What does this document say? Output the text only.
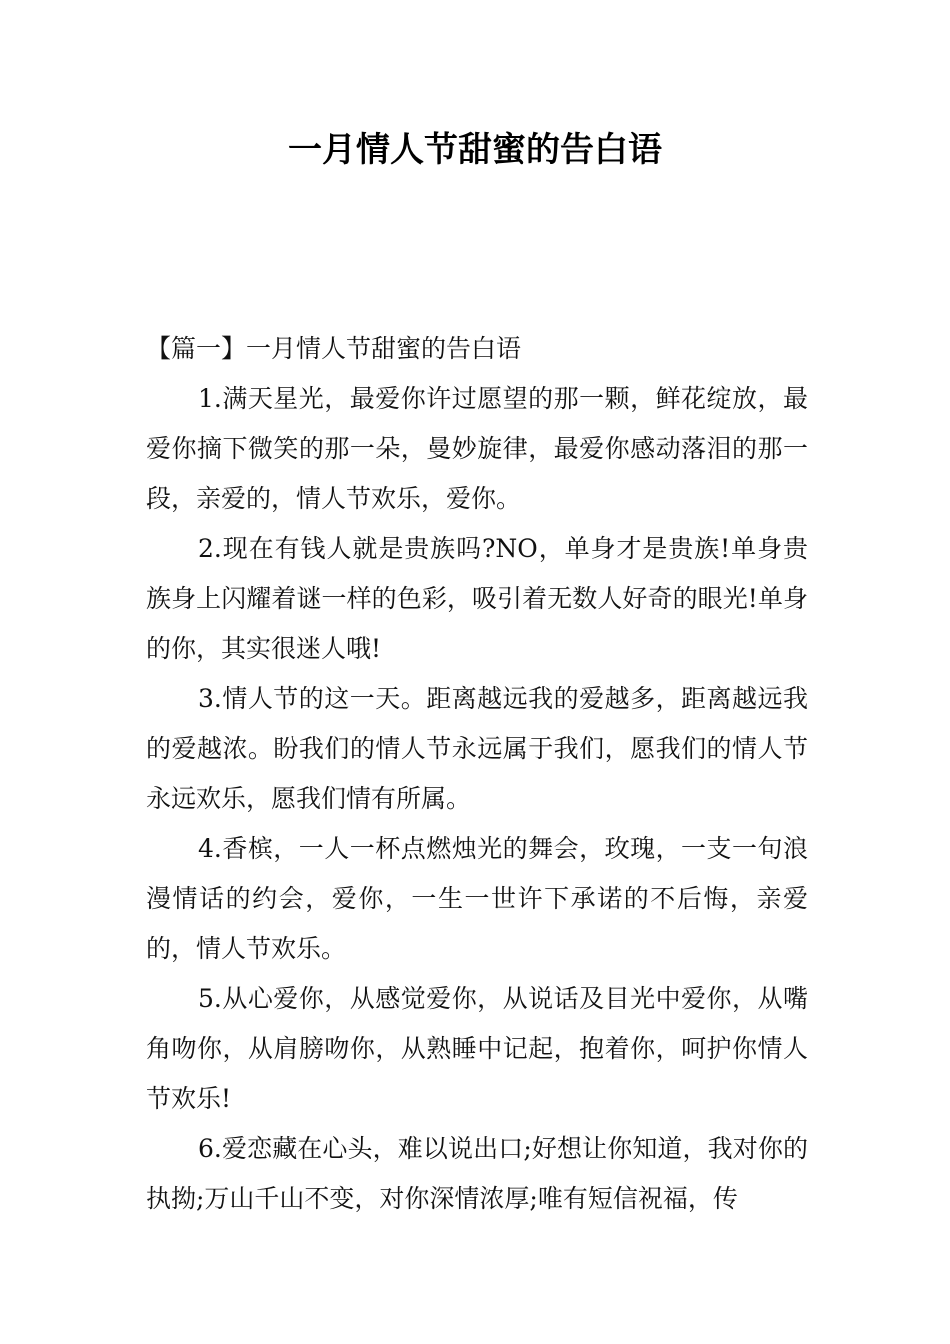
一月情人节甜蜜的告白语

【篇一】一月情人节甜蜜的告白语

1.满天星光，最爱你许过愿望的那一颗，鲜花绽放，最爱你摘下微笑的那一朵，曼妙旋律，最爱你感动落泪的那一段，亲爱的，情人节欢乐，爱你。

2.现在有钱人就是贵族吗?NO，单身才是贵族!单身贵族身上闪耀着谜一样的色彩，吸引着无数人好奇的眼光!单身的你，其实很迷人哦!

3.情人节的这一天。距离越远我的爱越多，距离越远我的爱越浓。盼我们的情人节永远属于我们，愿我们的情人节永远欢乐，愿我们情有所属。

4.香槟，一人一杯点燃烛光的舞会，玫瑰，一支一句浪漫情话的约会，爱你，一生一世许下承诺的不后悔，亲爱的，情人节欢乐。

5.从心爱你，从感觉爱你，从说话及目光中爱你，从嘴角吻你，从肩膀吻你，从熟睡中记起，抱着你，呵护你情人节欢乐!

6.爱恋藏在心头，难以说出口;好想让你知道，我对你的执拗;万山千山不变，对你深情浓厚;唯有短信祝福，传
